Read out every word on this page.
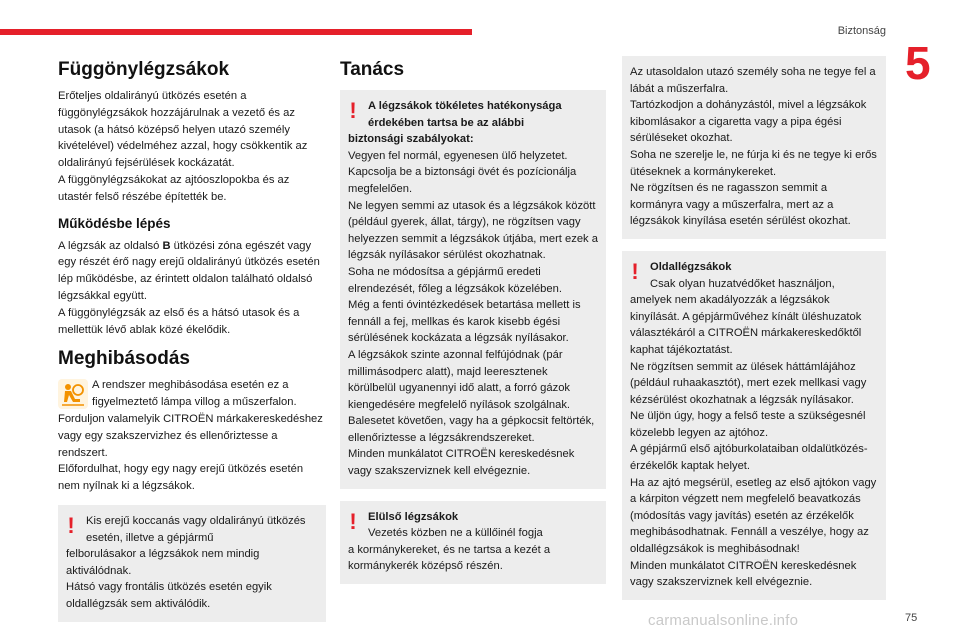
Biztonság
5
Függönylégzsákok

Erőteljes oldalirányú ütközés esetén a függönylégzsákok hozzájárulnak a vezető és az utasok (a hátsó középső helyen utazó személy kivételével) védelméhez azzal, hogy csökkentik az oldalirányú fejsérülések kockázatát.
A függönylégzsákokat az ajtóoszlopokba és az utastér felső részébe építették be.

Működésbe lépés

A légzsák az oldalsó B ütközési zóna egészét vagy egy részét érő nagy erejű oldalirányú ütközés esetén lép működésbe, az érintett oldalon található oldalsó légzsákkal együtt.
A függönylégzsák az első és a hátsó utasok és a mellettük lévő ablak közé ékelődik.

Meghibásodás

A rendszer meghibásodása esetén ez a figyelmeztető lámpa villog a műszerfalon.

Forduljon valamelyik CITROËN márkakereskedéshez vagy egy szakszervizhez és ellenőriztesse a rendszert.
Előfordulhat, hogy egy nagy erejű ütközés esetén nem nyílnak ki a légzsákok.

!	Kis erejű koccanás vagy oldalirányú ütközés esetén, illetve a gépjármű

felborulásakor a légzsákok nem mindig aktiválódnak.
Hátsó vagy frontális ütközés esetén egyik oldallégzsák sem aktiválódik.

Tanács
!	A légzsákok tökéletes hatékonysága érdekében tartsa be az alábbi

biztonsági szabályokat:

Vegyen fel normál, egyenesen ülő helyzetet.
Kapcsolja be a biztonsági övét és pozícionálja megfelelően.
Ne legyen semmi az utasok és a légzsákok között (például gyerek, állat, tárgy), ne rögzítsen vagy helyezzen semmit a légzsákok útjába, mert ezek a légzsák nyílásakor sérülést okozhatnak.
Soha ne módosítsa a gépjármű eredeti elrendezését, főleg a légzsákok közelében.
Még a fenti óvintézkedések betartása mellett is fennáll a fej, mellkas és karok kisebb égési sérülésének kockázata a légzsák nyílásakor.
A légzsákok szinte azonnal felfújódnak (pár millimásodperc alatt), majd leeresztenek körülbelül ugyanennyi idő alatt, a forró gázok kiengedésére megfelelő nyílások szolgálnak.
Balesetet követően, vagy ha a gépkocsit feltörték, ellenőriztesse a légzsákrendszereket.
Minden munkálatot CITROËN kereskedésnek vagy szakszerviznek kell elvégeznie.

!	Elülső légzsákok

Vezetés közben ne a küllőinél fogja

a kormánykereket, és ne tartsa a kezét a kormánykerék középső részén.

Az utasoldalon utazó személy soha ne tegye fel a lábát a műszerfalra.
Tartózkodjon a dohányzástól, mivel a légzsákok kibomlásakor a cigaretta vagy a pipa égési sérüléseket okozhat.
Soha ne szerelje le, ne fúrja ki és ne tegye ki erős ütéseknek a kormánykereket.
Ne rögzítsen és ne ragasszon semmit a kormányra vagy a műszerfalra, mert az a légzsákok kinyílása esetén sérülést okozhat.

!	Oldallégzsákok

Csak olyan huzatvédőket használjon,

amelyek nem akadályozzák a légzsákok kinyílását. A gépjárművéhez kínált üléshuzatok választékáról a CITROËN márkakereskedőktől kaphat tájékoztatást.
Ne rögzítsen semmit az ülések háttámlájához (például ruhaakasztót), mert ezek mellkasi vagy kézsérülést okozhatnak a légzsák nyílásakor.
Ne üljön úgy, hogy a felső teste a szükségesnél közelebb legyen az ajtóhoz.
A gépjármű első ajtóburkolataiban oldalütközés-érzékelők kaptak helyet.
Ha az ajtó megsérül, esetleg az első ajtókon vagy a kárpiton végzett nem megfelelő beavatkozás (módosítás vagy javítás) esetén az érzékelők meghibásodhatnak. Fennáll a veszélye, hogy az oldallégzsákok is meghibásodnak!
Minden munkálatot CITROËN kereskedésnek vagy szakszerviznek kell elvégeznie.

carmanualsonline.info	75
